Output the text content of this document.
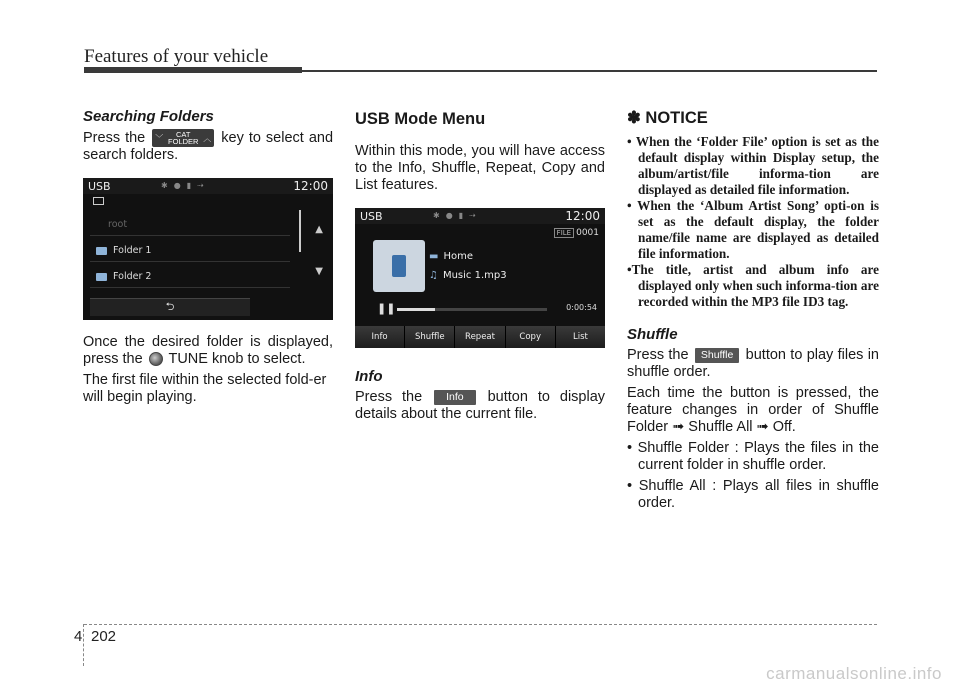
Features of your vehicle
Searching Folders

Press the ﹀	CAT
FOLDER ︿ key to select and search folders.

USB	✱ ● ▮ ⇢	12:00
root
Folder 1
Folder 2
▲
▼
⮌

Once the desired folder is displayed, press the TUNE knob to select.

The first file within the selected fold-er will begin playing.

USB Mode Menu

Within this mode, you will have access to the Info, Shuffle, Repeat, Copy and List features.

USB	✱ ● ▮ ⇢	12:00
FILE 0001
▬ Home
♫ Music 1.mp3
❚❚	0:00:54
Info	Shuffle	Repeat	Copy	List
Info

Press the Info button to display details about the current file.

✽ NOTICE
• When the ‘Folder File’ option is set as the default display within Display setup, the album/artist/file informa-tion are displayed as detailed file information.
• When the ‘Album Artist Song’ opti-on is set as the default display, the folder name/file name are displayed as detailed file information.
•The title, artist and album info are displayed only when such informa-tion are recorded within the MP3 file ID3 tag.
Shuffle

Press the Shuffle button to play files in shuffle order.

Each time the button is pressed, the feature changes in order of Shuffle Folder ➟ Shuffle All ➟ Off.

• Shuffle Folder : Plays the files in the current folder in shuffle order.
• Shuffle All : Plays all files in shuffle order.
4 202
carmanualsonline.info
